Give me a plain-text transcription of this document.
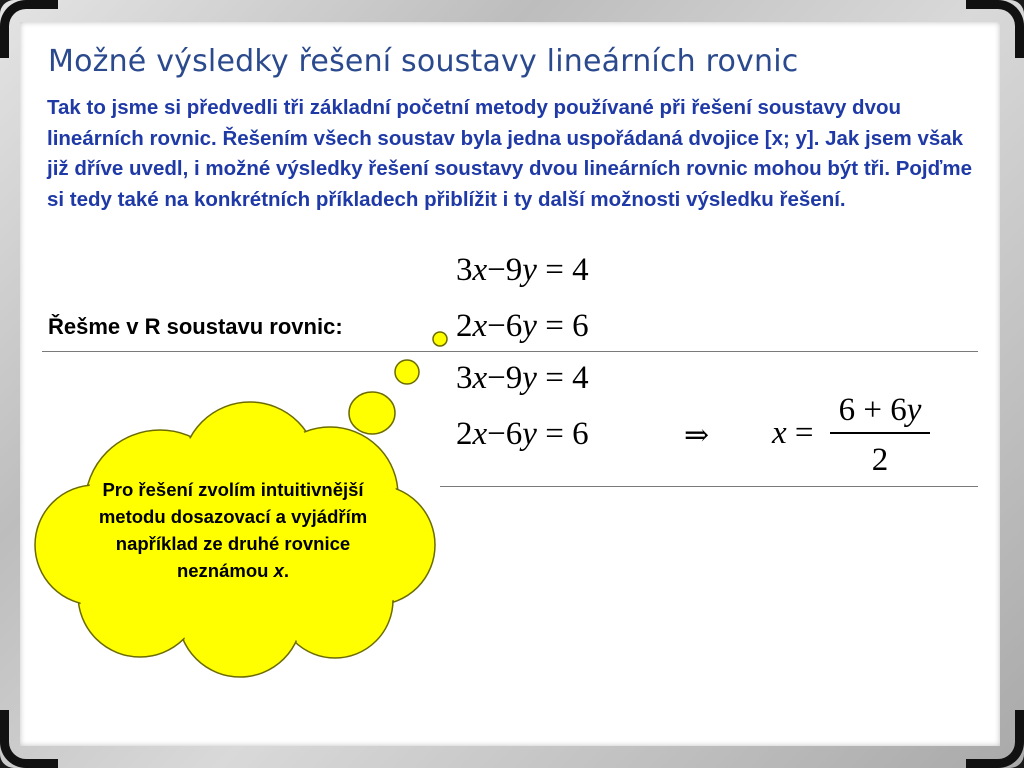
Možné výsledky řešení soustavy lineárních rovnic
Tak to jsme si předvedli tři základní početní metody používané při řešení soustavy dvou lineárních rovnic. Řešením všech soustav byla jedna uspořádaná dvojice [x; y]. Jak jsem však již dříve uvedl, i možné výsledky řešení soustavy dvou lineárních rovnic mohou být tři. Pojďme si tedy také na konkrétních příkladech přiblížit i ty další možnosti výsledku řešení.
3x−9y = 4
Řešme v R soustavu rovnic:	2x−6y = 6
3x−9y = 4
2x−6y = 6	⇒ x =
6 + 6y
2
Pro řešení zvolím intuitivnější metodu dosazovací a vyjádřím například ze druhé rovnice neznámou x.
